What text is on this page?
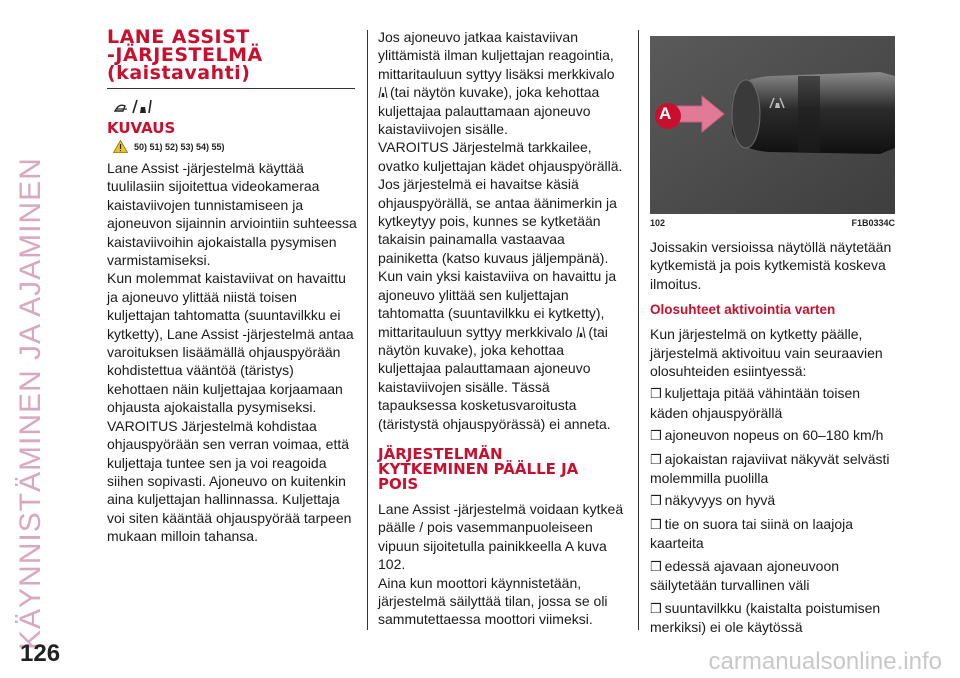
KÄYNNISTÄMINEN JA AJAMINEN
LANE ASSIST
-JÄRJESTELMÄ
(kaistavahti)
KUVAUS
50) 51) 52) 53) 54) 55)

Lane Assist -järjestelmä käyttää tuulilasiin sijoitettua videokameraa kaistaviivojen tunnistamiseen ja ajoneuvon sijainnin arviointiin suhteessa kaistaviivoihin ajokaistalla pysymisen varmistamiseksi.

Kun molemmat kaistaviivat on havaittu ja ajoneuvo ylittää niistä toisen kuljettajan tahtomatta (suuntavilkku ei kytketty), Lane Assist -järjestelmä antaa varoituksen lisäämällä ohjauspyörään kohdistettua vääntöä (täristys) kehottaen näin kuljettajaa korjaamaan ohjausta ajokaistalla pysymiseksi.

VAROITUS Järjestelmä kohdistaa ohjauspyörään sen verran voimaa, että kuljettaja tuntee sen ja voi reagoida siihen sopivasti. Ajoneuvo on kuitenkin aina kuljettajan hallinnassa. Kuljettaja voi siten kääntää ohjauspyörää tarpeen mukaan milloin tahansa.

Jos ajoneuvo jatkaa kaistaviivan ylittämistä ilman kuljettajan reagointia, mittaritauluun syttyy lisäksi merkkivalo (tai näytön kuvake), joka kehottaa kuljettajaa palauttamaan ajoneuvo kaistaviivojen sisälle.

VAROITUS Järjestelmä tarkkailee, ovatko kuljettajan kädet ohjauspyörällä. Jos järjestelmä ei havaitse käsiä ohjauspyörällä, se antaa äänimerkin ja kytkeytyy pois, kunnes se kytketään takaisin painamalla vastaavaa painiketta (katso kuvaus jäljempänä).

Kun vain yksi kaistaviiva on havaittu ja ajoneuvo ylittää sen kuljettajan tahtomatta (suuntavilkku ei kytketty), mittaritauluun syttyy merkkivalo (tai näytön kuvake), joka kehottaa kuljettajaa palauttamaan ajoneuvo kaistaviivojen sisälle. Tässä tapauksessa kosketusvaroitusta (täristystä ohjauspyörässä) ei anneta.

JÄRJESTELMÄN
KYTKEMINEN PÄÄLLE JA
POIS

Lane Assist -järjestelmä voidaan kytkeä päälle / pois vasemmanpuoleiseen vipuun sijoitetulla painikkeella A kuva 102.

Aina kun moottori käynnistetään, järjestelmä säilyttää tilan, jossa se oli sammutettaessa moottori viimeksi.

A
102	F1B0334C

Joissakin versioissa näytöllä näytetään kytkemistä ja pois kytkemistä koskeva ilmoitus.

Olosuhteet aktivointia varten

Kun järjestelmä on kytketty päälle, järjestelmä aktivoituu vain seuraavien olosuhteiden esiintyessä:

❒ kuljettaja pitää vähintään toisen käden ohjauspyörällä
❒ ajoneuvon nopeus on 60–180 km/h
❒ ajokaistan rajaviivat näkyvät selvästi molemmilla puolilla
❒ näkyvyys on hyvä
❒ tie on suora tai siinä on laajoja kaarteita
❒ edessä ajavaan ajoneuvoon säilytetään turvallinen väli
❒ suuntavilkku (kaistalta poistumisen merkiksi) ei ole käytössä
126	carmanualsonline.info
